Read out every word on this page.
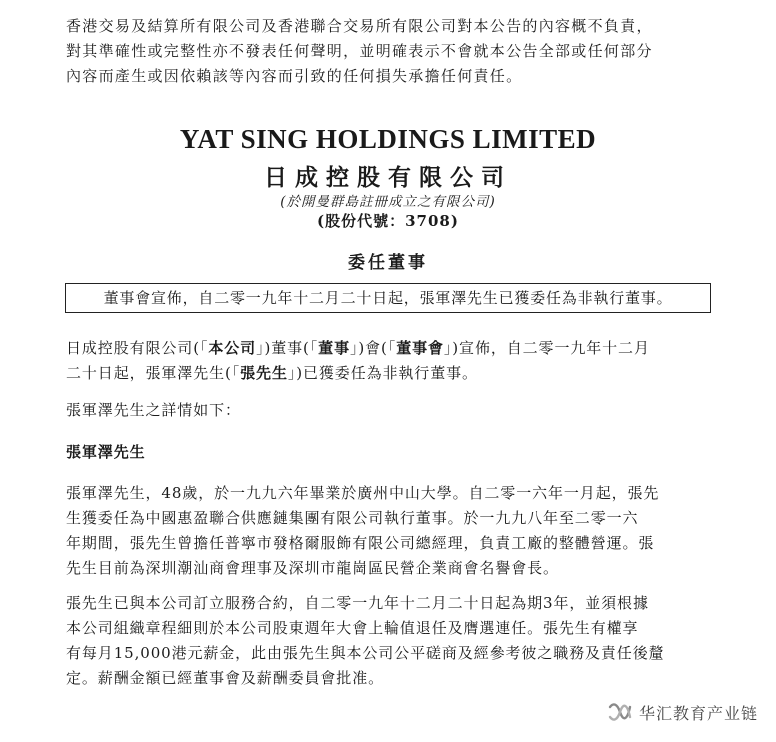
香港交易及結算所有限公司及香港聯合交易所有限公司對本公告的內容概不負責，
對其準確性或完整性亦不發表任何聲明，並明確表示不會就本公告全部或任何部分
內容而產生或因依賴該等內容而引致的任何損失承擔任何責任。
YAT SING HOLDINGS LIMITED
日成控股有限公司
(於開曼群島註冊成立之有限公司)
(股份代號：3708)
委任董事
董事會宣佈，自二零一九年十二月二十日起，張軍澤先生已獲委任為非執行董事。
日成控股有限公司(「本公司」)董事(「董事」)會(「董事會」)宣佈，自二零一九年十二月
二十日起，張軍澤先生(「張先生」)已獲委任為非執行董事。
張軍澤先生之詳情如下：
張軍澤先生
張軍澤先生，48歲，於一九九六年畢業於廣州中山大學。自二零一六年一月起，張先
生獲委任為中國惠盈聯合供應鏈集團有限公司執行董事。於一九九八年至二零一六
年期間，張先生曾擔任普寧市發格爾服飾有限公司總經理，負責工廠的整體營運。張
先生目前為深圳潮汕商會理事及深圳市龍崗區民營企業商會名譽會長。
張先生已與本公司訂立服務合約，自二零一九年十二月二十日起為期3年，並須根據
本公司組織章程細則於本公司股東週年大會上輪值退任及膺選連任。張先生有權享
有每月15,000港元薪金，此由張先生與本公司公平磋商及經參考彼之職務及責任後釐
定。薪酬金額已經董事會及薪酬委員會批准。
华汇教育产业链
